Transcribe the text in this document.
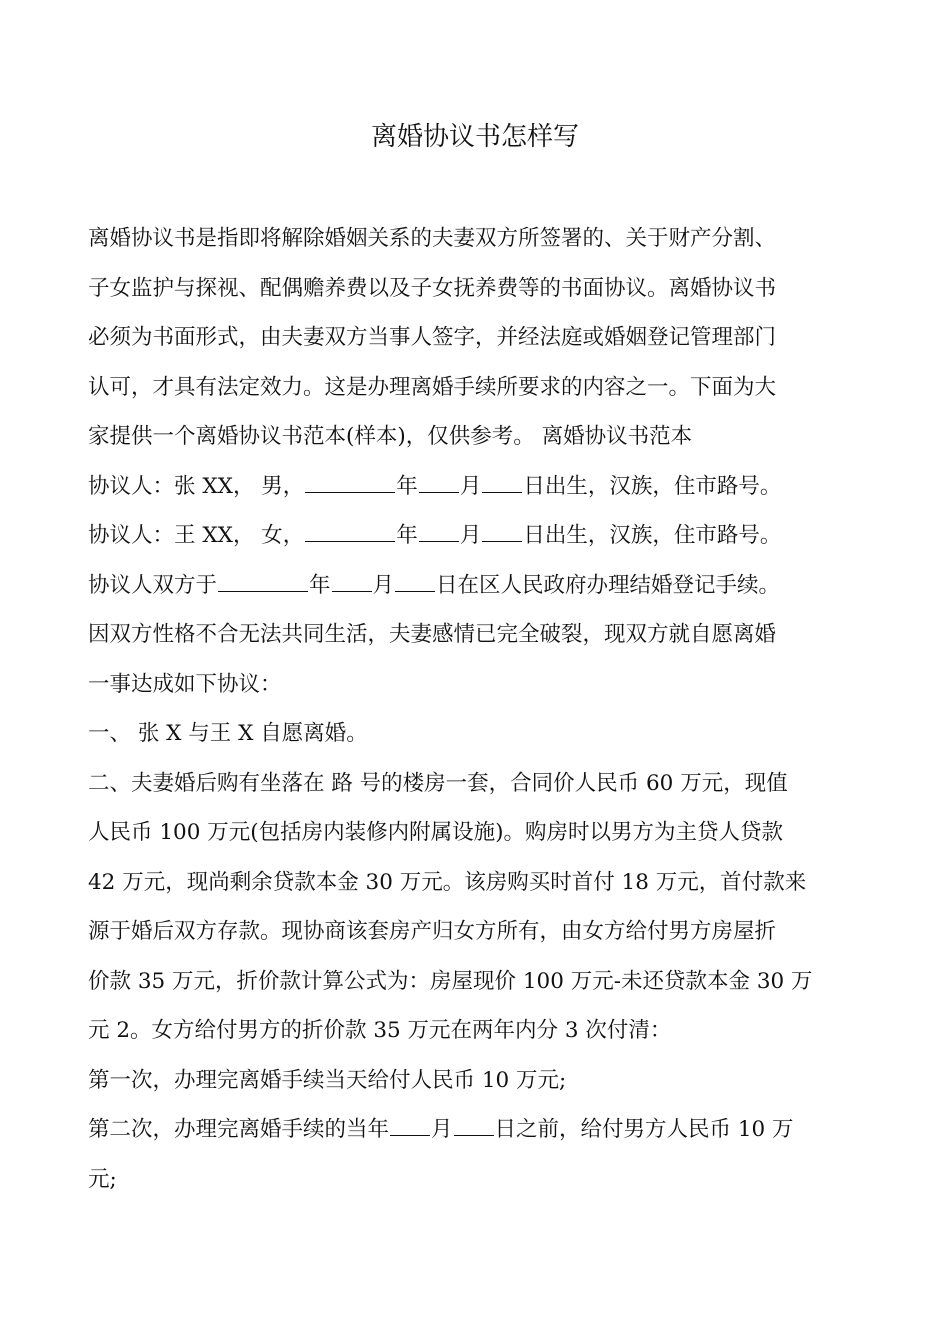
离婚协议书怎样写
离婚协议书是指即将解除婚姻关系的夫妻双方所签署的、关于财产分割、
子女监护与探视、配偶赡养费以及子女抚养费等的书面协议。离婚协议书
必须为书面形式，由夫妻双方当事人签字，并经法庭或婚姻登记管理部门
认可，才具有法定效力。这是办理离婚手续所要求的内容之一。下面为大
家提供一个离婚协议书范本(样本)，仅供参考。 离婚协议书范本
协议人：张 XX， 男，	年 月 日出生，汉族，住市路号。
协议人：王 XX， 女，	年 月 日出生，汉族，住市路号。
协议人双方于	年 月 日在区人民政府办理结婚登记手续。
因双方性格不合无法共同生活，夫妻感情已完全破裂，现双方就自愿离婚
一事达成如下协议：
一、 张 X 与王 X 自愿离婚。
二、夫妻婚后购有坐落在 路 号的楼房一套，合同价人民币 60 万元，现值
人民币 100 万元(包括房内装修内附属设施)。购房时以男方为主贷人贷款
42 万元，现尚剩余贷款本金 30 万元。该房购买时首付 18 万元，首付款来
源于婚后双方存款。现协商该套房产归女方所有，由女方给付男方房屋折
价款 35 万元，折价款计算公式为：房屋现价 100 万元-未还贷款本金 30 万
元 2。女方给付男方的折价款 35 万元在两年内分 3 次付清：
第一次，办理完离婚手续当天给付人民币 10 万元;
第二次，办理完离婚手续的当年 月 日之前，给付男方人民币 10 万
元;
